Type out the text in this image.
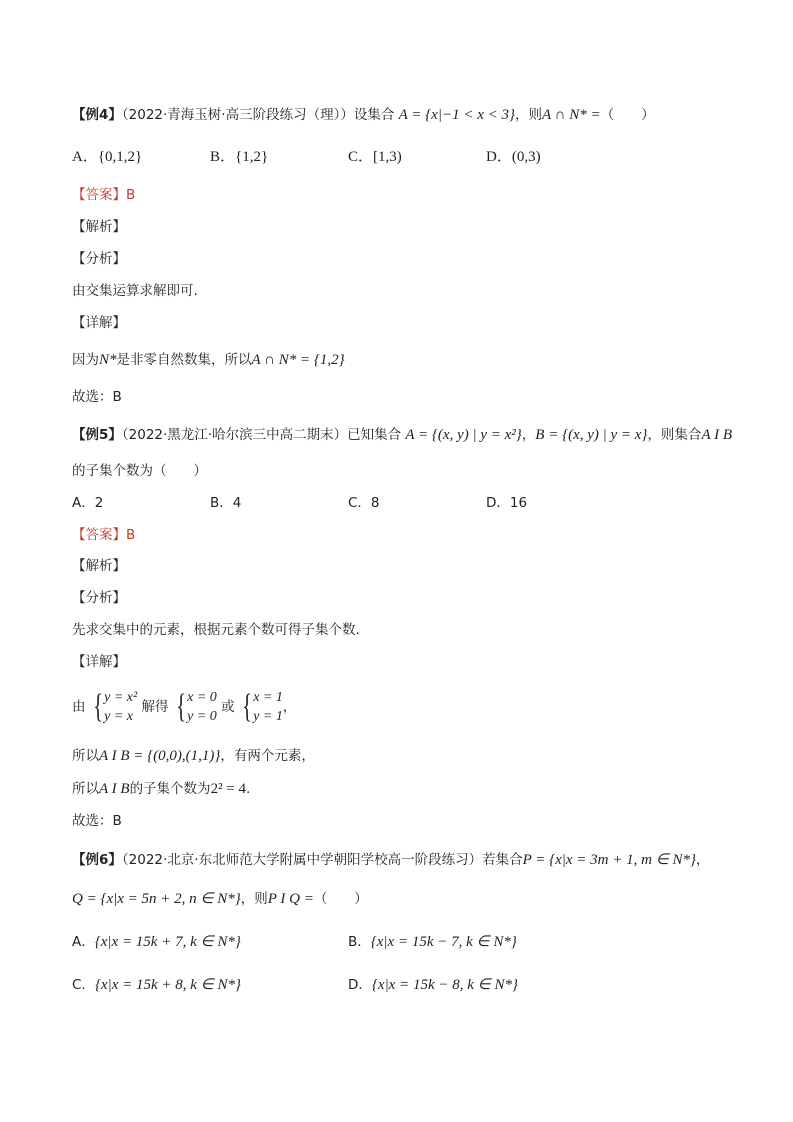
【例4】（2022·青海玉树·高三阶段练习（理））设集合 A = {x|−1 < x < 3}，则A ∩ N* =（　　）
A．{0,1,2}	B．{1,2}	C．[1,3)	D．(0,3)
【答案】B
【解析】
【分析】
由交集运算求解即可.
【详解】
因为N*是非零自然数集，所以A ∩ N* = {1,2}
故选：B
【例5】（2022·黑龙江·哈尔滨三中高二期末）已知集合 A = {(x, y) | y = x²}，B = {(x, y) | y = x}，则集合A I B
的子集个数为（　　）
A．2	B．4	C．8	D．16
【答案】B
【解析】
【分析】
先求交集中的元素，根据元素个数可得子集个数.
【详解】
由 { y = x²
y = x
解得 { x = 0
y = 0
或 { x = 1
y = 1
，
所以A I B = {(0,0),(1,1)}，有两个元素，
所以A I B的子集个数为2² = 4.
故选：B
【例6】（2022·北京·东北师范大学附属中学朝阳学校高一阶段练习）若集合P = {x|x = 3m + 1, m ∈ N*}，
Q = {x|x = 5n + 2, n ∈ N*}，则P I Q =（　　）
A．{x|x = 15k + 7, k ∈ N*}	B．{x|x = 15k − 7, k ∈ N*}
C．{x|x = 15k + 8, k ∈ N*}	D．{x|x = 15k − 8, k ∈ N*}
